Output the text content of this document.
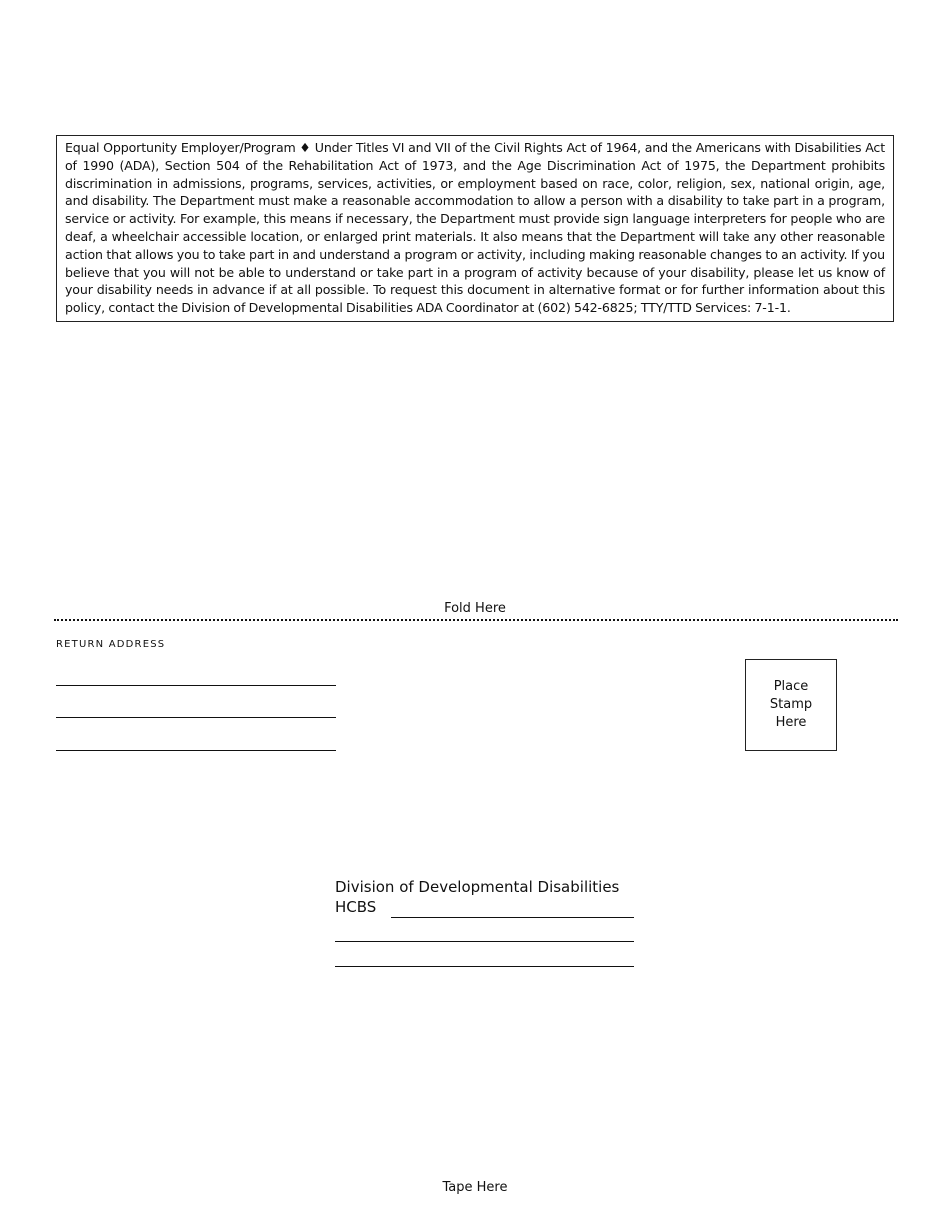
Equal Opportunity Employer/Program ♦ Under Titles VI and VII of the Civil Rights Act of 1964, and the Americans with Disabilities Act of 1990 (ADA), Section 504 of the Rehabilitation Act of 1973, and the Age Discrimination Act of 1975, the Department prohibits discrimination in admissions, programs, services, activities, or employment based on race, color, religion, sex, national origin, age, and disability. The Department must make a reasonable accommodation to allow a person with a disability to take part in a program, service or activity. For example, this means if necessary, the Department must provide sign language interpreters for people who are deaf, a wheelchair accessible location, or enlarged print materials. It also means that the Department will take any other reasonable action that allows you to take part in and understand a program or activity, including making reasonable changes to an activity. If you believe that you will not be able to understand or take part in a program of activity because of your disability, please let us know of your disability needs in advance if at all possible. To request this document in alternative format or for further information about this policy, contact the Division of Developmental Disabilities ADA Coordinator at (602) 542-6825; TTY/TTD Services: 7-1-1.
Fold Here
RETURN ADDRESS
Place
Stamp
Here
Division of Developmental Disabilities
HCBS
Tape Here
